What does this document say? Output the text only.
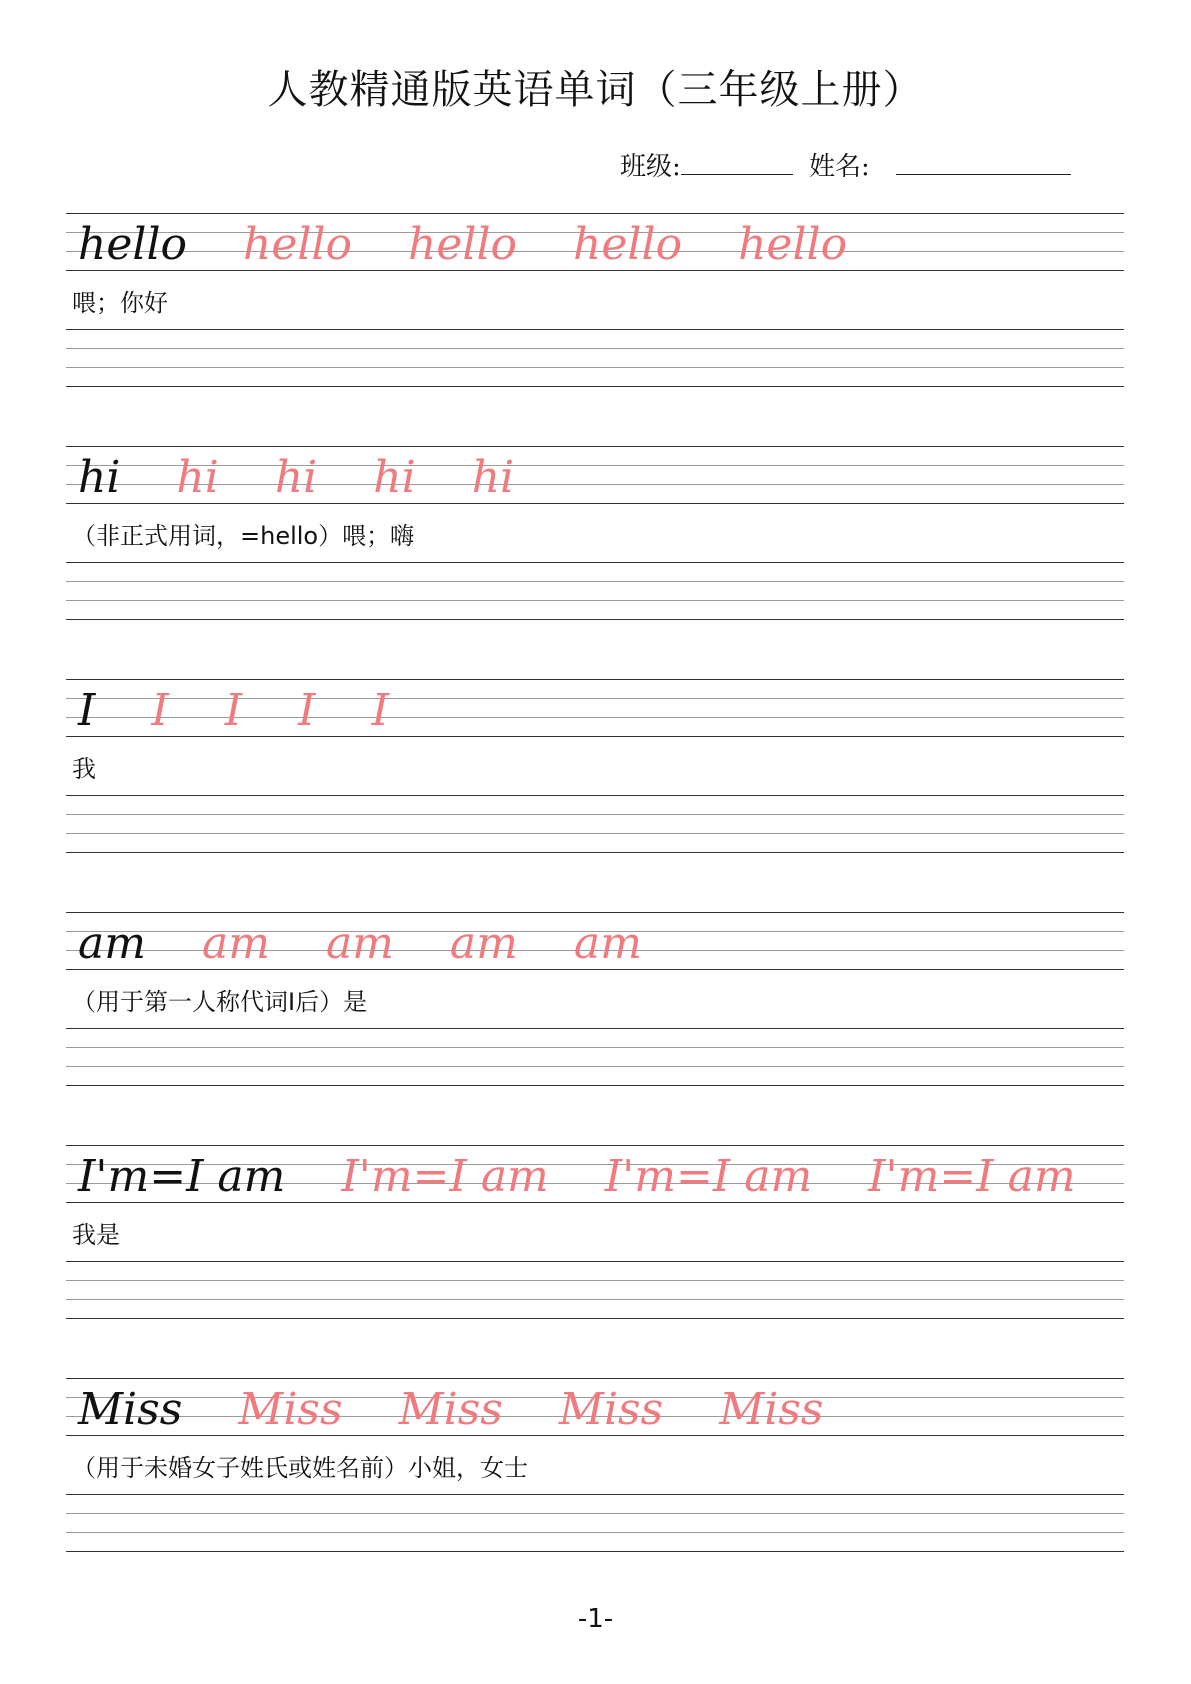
人教精通版英语单词（三年级上册）
班级:	姓名:
hello hello hello hello hello
喂；你好
hi hi hi hi hi
（非正式用词，=hello）喂；嗨
I I I I I
我
am am am am am
（用于第一人称代词I后）是
I'm=I am I'm=I am I'm=I am I'm=I am
我是
Miss Miss Miss Miss Miss
（用于未婚女子姓氏或姓名前）小姐，女士
-1-
